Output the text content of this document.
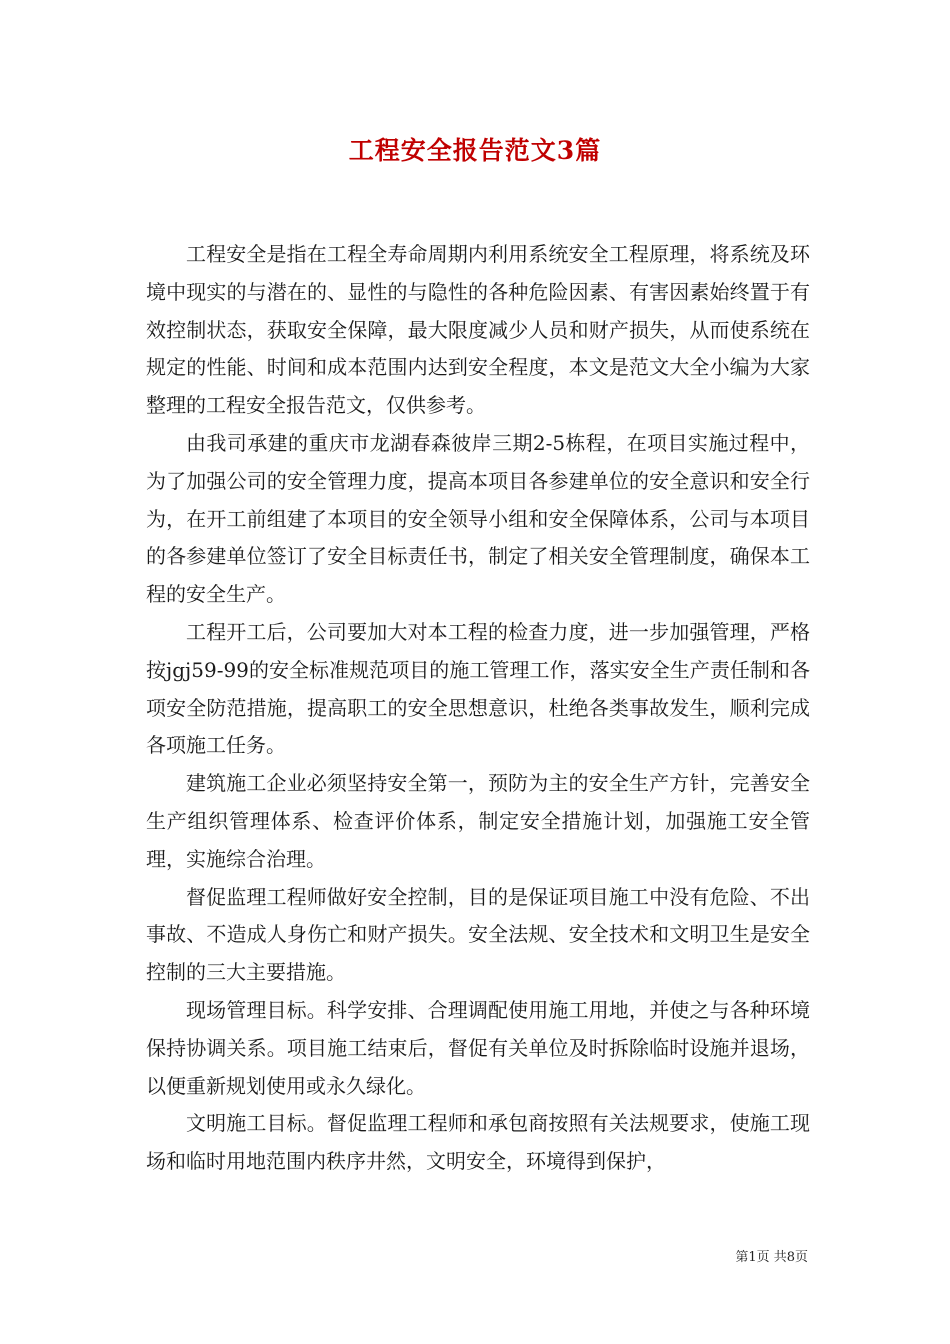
工程安全报告范文3篇

工程安全是指在工程全寿命周期内利用系统安全工程原理，将系统及环境中现实的与潜在的、显性的与隐性的各种危险因素、有害因素始终置于有效控制状态，获取安全保障，最大限度减少人员和财产损失，从而使系统在规定的性能、时间和成本范围内达到安全程度，本文是范文大全小编为大家整理的工程安全报告范文，仅供参考。

由我司承建的重庆市龙湖春森彼岸三期2-5栋程，在项目实施过程中，为了加强公司的安全管理力度，提高本项目各参建单位的安全意识和安全行为，在开工前组建了本项目的安全领导小组和安全保障体系，公司与本项目的各参建单位签订了安全目标责任书，制定了相关安全管理制度，确保本工程的安全生产。

工程开工后，公司要加大对本工程的检查力度，进一步加强管理，严格按jgj59-99的安全标准规范项目的施工管理工作，落实安全生产责任制和各项安全防范措施，提高职工的安全思想意识，杜绝各类事故发生，顺利完成各项施工任务。

建筑施工企业必须坚持安全第一，预防为主的安全生产方针，完善安全生产组织管理体系、检查评价体系，制定安全措施计划，加强施工安全管理，实施综合治理。

督促监理工程师做好安全控制，目的是保证项目施工中没有危险、不出事故、不造成人身伤亡和财产损失。安全法规、安全技术和文明卫生是安全控制的三大主要措施。

现场管理目标。科学安排、合理调配使用施工用地，并使之与各种环境保持协调关系。项目施工结束后，督促有关单位及时拆除临时设施并退场，以便重新规划使用或永久绿化。

文明施工目标。督促监理工程师和承包商按照有关法规要求，使施工现场和临时用地范围内秩序井然，文明安全，环境得到保护，

第1页 共8页
